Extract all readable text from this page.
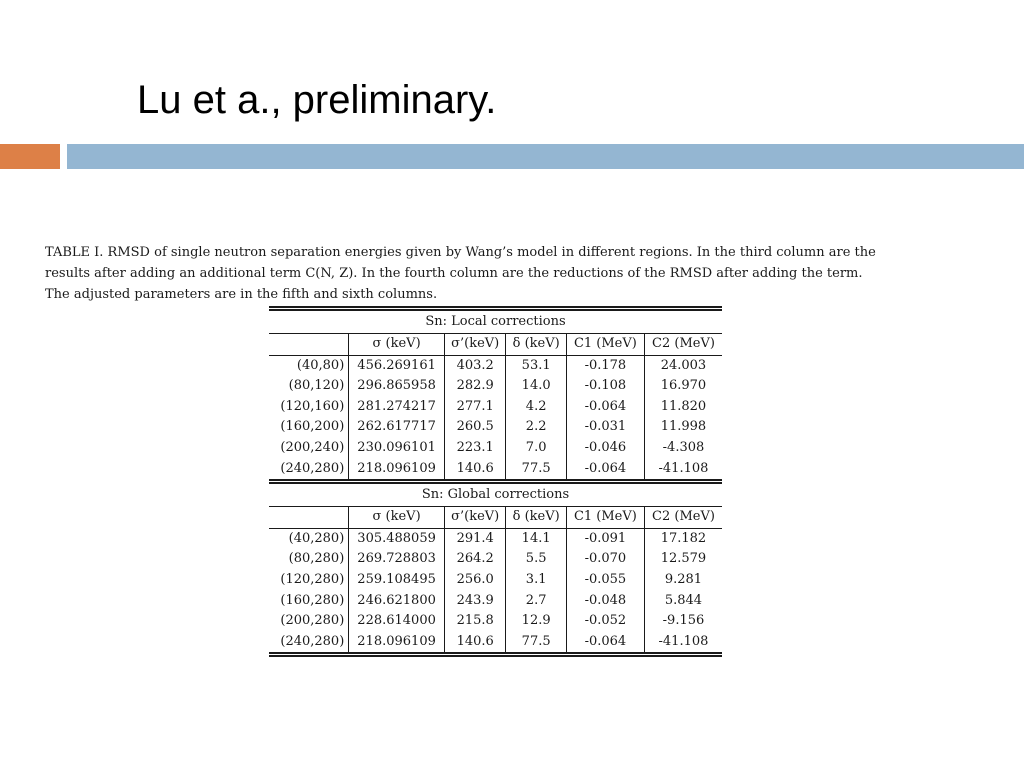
Lu et a., preliminary.

TABLE I. RMSD of single neutron separation energies given by Wang’s model in different regions. In the third column are the
results after adding an additional term C(N, Z). In the fourth column are the reductions of the RMSD after adding the term.
The adjusted parameters are in the fifth and sixth columns.

Sn: Local corrections					
	σ (keV)	σ’(keV)	δ (keV)	C1 (MeV)	C2 (MeV)
(40,80)	456.269161	403.2	53.1	-0.178	24.003
(80,120)	296.865958	282.9	14.0	-0.108	16.970
(120,160)	281.274217	277.1	4.2	-0.064	11.820
(160,200)	262.617717	260.5	2.2	-0.031	11.998
(200,240)	230.096101	223.1	7.0	-0.046	-4.308
(240,280)	218.096109	140.6	77.5	-0.064	-41.108
Sn: Global corrections					
	σ (keV)	σ’(keV)	δ (keV)	C1 (MeV)	C2 (MeV)
(40,280)	305.488059	291.4	14.1	-0.091	17.182
(80,280)	269.728803	264.2	5.5	-0.070	12.579
(120,280)	259.108495	256.0	3.1	-0.055	9.281
(160,280)	246.621800	243.9	2.7	-0.048	5.844
(200,280)	228.614000	215.8	12.9	-0.052	-9.156
(240,280)	218.096109	140.6	77.5	-0.064	-41.108
